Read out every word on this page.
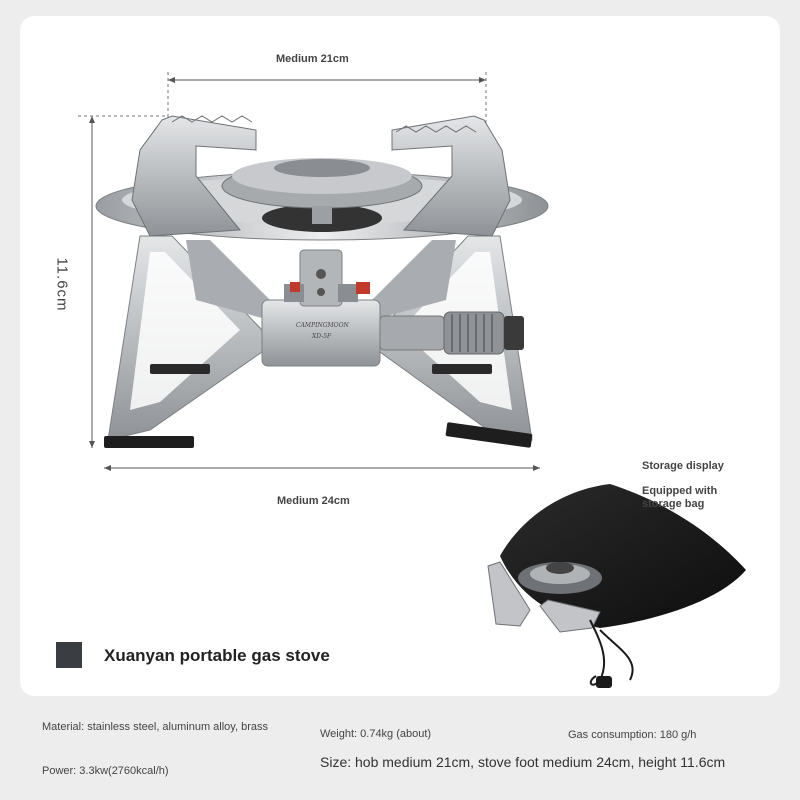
Medium 21cm
11.6cm
Medium 24cm
CAMPINGMOON
XD-5F
Storage display
Equipped with storage bag
Xuanyan portable gas stove
Material: stainless steel, aluminum alloy, brass
Weight: 0.74kg (about)	Gas consumption: 180 g/h
Power: 3.3kw(2760kcal/h)
Size: hob medium 21cm, stove foot medium 24cm, height 11.6cm
